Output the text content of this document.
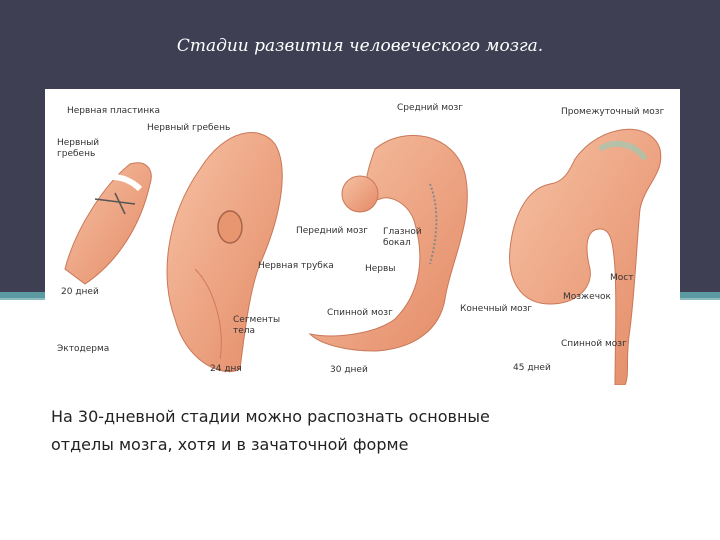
Стадии развития человеческого мозга.
Нервная пластинка
Нервный
гребень
Нервный гребень
Нервная трубка
Эктодерма
Сегменты
тела
20 дней
24 дня
Средний мозг
Передний мозг Глазной
бокал
Нервы
Спинной мозг
30 дней
Промежуточный мозг
Мост
Мозжечок
Конечный мозг
Спинной мозг
45 дней
На 30-дневной стадии можно распознать основные
отделы мозга, хотя и в зачаточной форме
